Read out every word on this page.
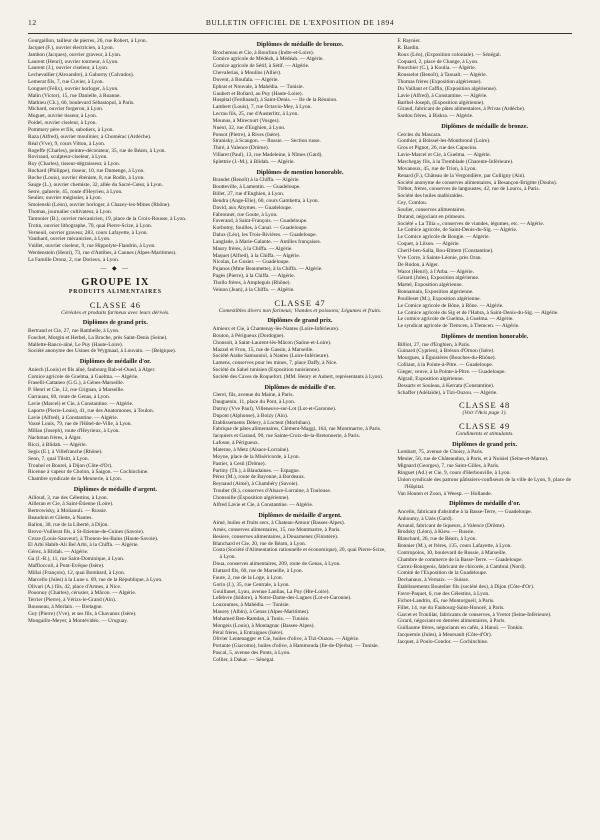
12	BULLETIN OFFICIEL DE L'EXPOSITION DE 1894

Gourgaillon, tailleur de pierres, 26, rue Robert, à Lyon.

Jacquet (F.), ouvrier électricien, à Lyon.

Jambon (Jacques), ouvrier graveur, à Lyon.

Laurent (Henri), ouvrier tourneur, à Lyon.

Laurent (J.), ouvrier ciseleur, à Lyon.

Lechevallier (Alexandre), à Gaborny (Calvados).

Lemerat fils, 7, rue Cuvier, à Lyon.

Longuet (Félix), ouvrier horloger, à Lyon.

Malin (Victor), 15, rue Danielle, à Roanne.

Mathieu (Ch.), 66, boulevard Sébastopol, à Paris.

Michard, ouvrier forgeron, à Lyon.

Moguet, ouvrier tisseur, à Lyon.

Poidel, ouvrier ciseleur, à Lyon.

Pommery père et fils, sabotiers, à Lyon.

Raza (Alfred), ouvrier moulinier, à Chomérac (Ardèche).

Réal (Vve), 9, cours Vitton, à Lyon.

Rogeffe (Charles), peintre-décorateur, 35, rue de Béarn, à Lyon.

Roviraud, sculpteur-ciseleur, à Lyon.

Roy (Charles), tisseur-dégraisseur, à Lyon.

Rochard (Philippe), tisseur, 10, rue Dumenge, à Lyon.

Roche (Louis), ouvrier ébéniste, 8, rue Rodin, à Lyon.

Sauge (L.), ouvrier chemiste, 32, allée du Sacré-Cœur, à Lyon.

Serre, gaînerie, 45, route d'Heyrieu, à Lyon.

Seulier, ouvrier mégissier, à Lyon.

Smolenski (Léon), ouvrier horloger, à Chazey-les-Mines (Rhône).

Thomas, journalier cultivateur, à Lyon.

Tantonier (B.), ouvrier mécanicien, 19, place de la Croix-Rousse, à Lyon.

Trotin, ouvrier lithographe, 70, quai Pierre-Scize, à Lyon.

Verneuil, ouvrier graveur, 283, cours Lafayette, à Lyon.

Vauthard, ouvrier mécanicien, à Lyon.

Vuillet, ouvrier ciseleur, 9, rue Hippolyte-Flandrin, à Lyon.

Werdenstein (Henri), 73, rue d'Antibes, à Cannes (Alpes-Maritimes).

La Famille Dronz, 2, rue Dorieux, à Lyon.

— ◆ —
GROUPE IX
PRODUITS ALIMENTAIRES
CLASSE 46
Céréales et produits farineux avec leurs dérivés.
Diplômes de grand prix.

Bertrand et Cie, 27, rue Rambelle, à Lyon.

Fouchet, Morgin et Herbel, La Bruche, près Saint-Denis (Seine).

Mallette-Ranco-aîné, Le Puy (Haute-Loire).

Société anonyme des Usines de Wygmaal, à Louvain. — (Belgique).

Diplômes de médaille d'or.

Aniech (Louis) et fils aîné, faubourg Bab-el-Oued, à Alger.

Comice agricole de Guelma, à Guelma. — Algérie.

Fraselli-Cattaneo (G.G.), à Génes-Marseille.

P. Henri et Cie, 12, rue Grignan, à Marseille.

Garrauau, 60, route de Genas, à Lyon.

Lavie (Marcel) et Cie, à Constantine. — Algérie.

Laporte (Pierre-Louis), 41, rue des Anatomones, à Toulon.

Lavie (Alfred), à Constantine. — Algérie.

Vassé Louis, 79, rue de l'Hôtel-de-Ville, à Lyon.

Millau (Joseph), route d'Heyrieux, à Lyon.

Nachman frères, à Alger.

Ricci, à Blidah. — Algérie.

Segis (E.), à Villefranche (Rhône).

Senn, 7, quai Tilsitt, à Lyon.

Trouhel et Bourel, à Dijon (Côte-d'Or).

Ricenne à vapeur de Cholon, à Saigon. — Cochinchine.

Chambre syndicale de la Meunerie, à Lyon.

Diplômes de médaille d'argent.

Ailloud, 3, rue des Célestins, à Lyon.

Ailleran et Cie, à Saint-Étienne (Loire).

Bertrowisky, à Moliaouli. — Russie.

Beaudoin et Gilette, à Nantes.

Bailon, 30, rue de la Liberté, à Dijon.

Brovo-Vuillerat fils, à St-Etienne-de-Cuines (Savoie).

Croze (Louis-Sauveur), à Thonon-les-Bains (Haute-Savoie).

El Arbi Habib-Ali Bel Arbi, à la Chiffa. — Algérie.

Gérez, à Blidah. — Algérie.

Ga (J.-B.), 11, rue Saint-Dominique, à Lyon.

Maffioccoli, à Pont-Evêque (Isère).

Millai (François), 12, quai Bombard, à Lyon.

Marcello (Jules) à la Lune s. 69, rue de la République, à Lyon.

Olivari (A.) fils, 42, place d'Armes, à Nice.

Pouonoy (Charles), cérusier, à Mâcon. — Algérie.

Terrier (Pierre), à Vérizs-le-Grand (Ain).

Rousseau, à Morlaix. — Bretagne.

Guy (Pierre) (Vve), et ses fils, à Chavanoz (Isère).

Mongaillo-Meyer, à Montévidéo. — Uruguay.

Diplômes de médaille de bronze.

Brochereau et Cie, à Bourlinn (Indre-et-Loire).

Comice agricole de Médéah, à Médéah. — Algérie.

Comice agricole de Sétif, à Sétif. — Algérie.

Chevalerias, à Moulins (Allier).

Duvent, à Boufala. — Algérie.

Ephrat et Nouvale, à Mahédia. — Tunisie.

Gaubert et Bollard, au Puy (Haute-Loire).

Hospital (Ferdinand), à Saint-Denis. — Ile de la Réunion.

Lambert (Louis), 7, rue Octavio-Mey, à Lyon.

Lecrau fils, 25, rue d'Austerlitz, à Lyon.

Mounus, à Mirecourt (Vosges).

Nuéol, 32, rue d'Enghien, à Lyon.

Ponsot (Pierre), à Rives (Isère).

Stranisky, à Scaugon. — Russie. — Section russe.

Thiré, à Valence (Drôme).

Villaret (Paul), 13, rue Madeleine, à Nîmes (Gard).

Splettrie (J.-M.), à Blidah. — Algérie.

Diplômes de mention honorable.

Brandet (Benoît) à la Chiffa. — Algérie.

Boutteville, à Lamentin. — Guadeloupe.

Billet, 27, rue d'Enghien, à Lyon.

Bendra (Ange-Elie), 60, cours Gambetta, à Lyon.

David, aux Abymes. — Guadeloupe.

Fabronnet, rue Goute, à Lyon.

Faverand, à Saint-François. — Guadeloupe.

Korbotny, fouilles, à Canal. — Guadeloupe.

Dalux (Léo), les Trois-Rivières. — Guadeloupe.

Langlade, à Marie-Galante. — Antilles françaises.

Maury frères, à la Chiffa. — Algérie.

Maquet (Alfred), à la Chiffa. — Algérie.

Nicolas, Le Gosier. — Guadeloupe.

Pujanos (Mme Beaumette), à la Chiffa. — Algérie.

Pagès (Pierre), à la Chiffa. — Algérie.

Thollo frères, à Ampleguis (Rhône).

Veinon (Jean), à la Chiffa. — Algérie.

CLASSE 47
Comestibles divers non farineux; Viandes et poissons; Légumes et fruits.
Diplômes de grand prix.

Amieux et Cie, à Chantenay-lès-Nantes (Loire-Inférieure).

Bouton, à Périgueux (Dordogne).

Chonsoit, à Saint-Laurent-lès-Mâcon (Saône-et-Loire).

Mazzel et Fron, 15, rue de Gassin, à Marseille.

Société Arabe Samsoniol, à Nantes (Loire-Inférieure).

Lamens, conserves pour les mines, 7, place Daffy, à Nice.

Société du Sahel tunisien (Exposition tunisienne).

Société des Caves de Roquefort. (MM. Henry et Aubert, représentants à Lyon).

Diplômes de médaille d'or.

Clerel, fils, avenue du Maine, à Paris.

Dauguenin, 11, place du Pont, à Lyon.

Dutruy (Vve Paul), Villeneuve-sur-Lot (Lot-et-Garonne).

Dupont (Alphonse), à Boizy (Ain).

Etablissements Délery, à Loctent (Morbihan).

Fabrique de pâtes alimentaires, Clément-Maggi, 164, rue Montmartre, à Paris.

Jacquiers et Garaud, 90, rue Sainte-Croix-de-la-Bretonnerie, à Paris.

Lafosse, à Périgueux.

Materne, à Metz (Alsace-Lorraine).

Moyne, place de la Miséricorde, à Lyon.

Pastier, à Cesti (Drôme).

Partiny (Th.), à Blaudaines. — Espagne.

Pérez (M.), route de Bayonne, à Bordeaux.

Reynaud (Aimé), à Chambéry (Savoie).

Trouber (R.), conserves d'Alsace-Lorraine, à Toulouse.

Chonsoille (Exposition algérienne).

Alfred Lavie et Cie, à Constantine. — Algérie.

Diplômes de médaille d'argent.

Aimé, huiles et fruits secs, à Chateau-Amour (Basses-Alpes).

Arnès, conserves alimentaires, 15, rue Montmartre, à Paris.

Besiere, conserves alimentaires, à Douarnenez (Finistère).

Blanchard et Cie, 20, rue de Béarn, à Lyon.

Costa (Société d'Alimentation rationnelle et économique), 20, quai Pierre-Scize, à Lyon.

Doua, conserves alimentaires, 209, route de Genas, à Lyon.

Eluttard fils, 60, rue de Marseille, à Lyon.

Faure, 2, rue de la Loge, à Lyon.

Gorin (J.), 35, rue Centrale, à Lyon.

Gouillauet, Lyau, avenue Lanlias, La Puy (Hte-Loire).

Lefebvre (Isidore), à Notre-Dame-des-Lagnes (Lot-et-Garonne).

Louzoumes, à Mahédia. — Tunisie.

Maurey (Albin), à Genas (Alpes-Maritimes).

Mohamed Ben-Ramdan, à Tunis. — Tunisie.

Mongeis (Louis), à Montagnac (Basses-Alpes).

Péral frères, à Entraigues (Isère).

Olivier Lentenagger et Cie, huiles d'olive, à Tizi-Ouzou. — Algérie.

Portante (Giacomo), huiles d'olive, à Hammouda (Ile-de-Djerba). — Tunisie.

Pascal, 5, avenue des Ponts, à Lyon.

Collier, à Dakar. — Sénégal.

F. Raynier.

R. Bardin.

Roux (Léo), (Exposition coloniale). — Sénégal.

Coquard, 2, place de Change, à Lyon.

Pourchier (C.), à Koulia. — Algérie.

Rousselot (Benoît), à Taoualt. — Algérie.

Thomas frères (Exposition algérienne).

Du Vaillant et Caffin, (Exposition algérienne).

Lavie (Alfred), à Constantine. — Algérie.

Barthel-Joseph, (Exposition algérienne).

Giraud, fabricant de pâtes alimentaires, à Privas (Ardèche).

Sardou frères, à Biskra. — Algérie.

Diplômes de médaille de bronze.

Cercles du Mascara.

Gonthier, à Boissel-les-Montbrond (Loire).

Gros et Pignot, 26, rue des Capucins.

Lavie-Marcel et Cie, à Guelma. — Algérie.

Marchegay fils, à la Tremblade (Charente-Inférieure).

Movanoux, 45, rue de Trion, à Lyon.

Renard (F.), Château de la Vergondière, par Colligny (Ain).

Société anonyme de conserves alimentaires, à Besançon-Brigitte (Doubs).

Trébot, frères, conserves de langoustes, 42, rue de Lourcs, à Paris.

Société des huiles malbiraldes.

Cey, Comlou.

Soulier, conserves alimentaires.

Durand, négociant en primeurs.

Société « La Tilia », conserves de viandes, légumes, etc. — Algérie.

Le Comice agricole, de Saint-Denis-du-Sig. — Algérie.

Le Comice agricole de Bougie. — Algérie.

Coquet, à Lilson. — Algérie.

Cherif-ben-Salla, Bou-Bittem (Constantine).

Vve Corre, à Sainte-Léonie, près Oran.

De Rodon, à Alger.

Warot (Henri), à l'Arba. — Algérie.

Gérard (Jules), Exposition algérienne.

Martel, Exposition algérienne.

Bonnamain, Exposition algérienne.

Pouilleset (M.), Exposition algérienne.

Le Comice agricole de Bône, à Bône. — Algérie.

Le Comice agricole du Sig et de l'Habra, à Saint-Denis-du-Sig. — Algérie.

Le comice agricole de Guelma, à Guelma. — Algérie.

Le syndicat agricole de Tlemcen, à Tlemcen. — Algérie.

Diplômes de mention honorable.

Billiot, 27, rue d'Enghien, à Paris.

Guinard (Cyprien), à Bréson d'Ornon (Isère).

Mourgues, à Éguisières (Bouches-du-Rhône).

Colliaut, à la Pointe-à-Pitre. — Guadeloupe.

Gieger, veuve, à la Pointe-à-Pitre. — Guadeloupe.

Algrail, Exposition algérienne.

Dessarts et Souleau, à Kerrata (Constantine).

Schaffer (Adélaïde), à Tizi-Ouzou. — Algérie.

CLASSE 48
(Voir l'Avis page 1).
CLASSE 49
Condiments et stimulants.
Diplômes de grand prix.

Lombart, 75, avenue de Choisy, à Paris.

Menier, 56, rue de Châteaudun, à Paris, et à Noisiel (Seine-et-Marne).

Mignard (Georges), 7, rue Saint-Gilles, à Paris.

Ringuet (Ad.) et Cie, 9, cours d'Herbouville, à Lyon.

Union syndicale des patrons pâtissiers-confiseurs de la ville de Lyon, 9, place de l'Hôpital.

Van Houten et Zoon, à Weesp. — Hollande.

Diplômes de médaille d'or.

Ancelin, fabricant d'absinthe à la Basse-Terre, — Guadeloupe.

Anhoumy, à Uzès (Gard).

Arnaud, fabricant de liqueurs, à Valence (Drôme).

Brodsky (Léon), à Kiew. — Russie.

Blanchard, 26, rue de Béarn, à Lyon.

Bonnier (M.), et frères, 135, cours Lafayette, à Lyon.

Contropolos, 30, boulevard de Russie, à Marseille.

Chambre de commerce de la Basse-Terre. — Guadeloupe.

Carrez-Bourgeois, fabricant de chicorée, à Cambrai (Nord).

Comité de l'Exposition de la Guadeloupe.

Dechanaux, à Vernaix. — Suisse.

Établissements Boutelier fils (société des), à Dijon (Côte-d'Or).

Favre-Paquet, 6, rue des Célestins, à Lyon.

Fichot-Landrin, 45, rue Montorgueil, à Paris.

Fillet, 14, rue du Faubourg-Saint-Honoré, à Paris.

Garcet et Tronillat, fabricants de conserves, à Yvetot (Seine-Inférieure).

Girard, négociant en denrées alimentaires, à Paris.

Guillaume frères, négociants en cafés, à Hanoï. — Tonkin.

Jacquemin (Jules), à Meursault (Côte-d'Or).

Jacquet, à Poulo-Condor. — Cochinchine.
